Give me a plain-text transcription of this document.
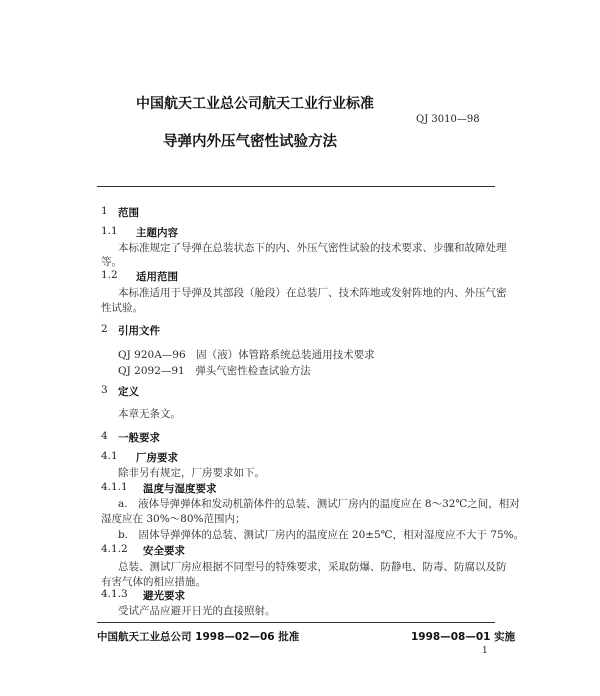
中国航天工业总公司航天工业行业标准
QJ 3010—98
导弹内外压气密性试验方法
1 范围
1.1 主题内容
本标准规定了导弹在总装状态下的内、外压气密性试验的技术要求、步骤和故障处理
等。
1.2 适用范围
本标准适用于导弹及其部段（舱段）在总装厂、技术阵地或发射阵地的内、外压气密
性试验。
2 引用文件
QJ 920A—96　固（液）体管路系统总装通用技术要求
QJ 2092—91　弹头气密性检查试验方法
3 定义
本章无条文。
4 一般要求
4.1 厂房要求
除非另有规定，厂房要求如下。
4.1.1 温度与湿度要求
a.　液体导弹弹体和发动机箭体件的总装、测试厂房内的温度应在 8～32℃之间，相对
湿度应在 30%～80%范围内；
b.　固体导弹弹体的总装、测试厂房内的温度应在 20±5℃，相对湿度应不大于 75%。
4.1.2 安全要求
总装、测试厂房应根据不同型号的特殊要求，采取防爆、防静电、防毒、防腐以及防
有害气体的相应措施。
4.1.3 避光要求
受试产品应避开日光的直接照射。
中国航天工业总公司 1998—02—06 批准	1998—08—01 实施
1
